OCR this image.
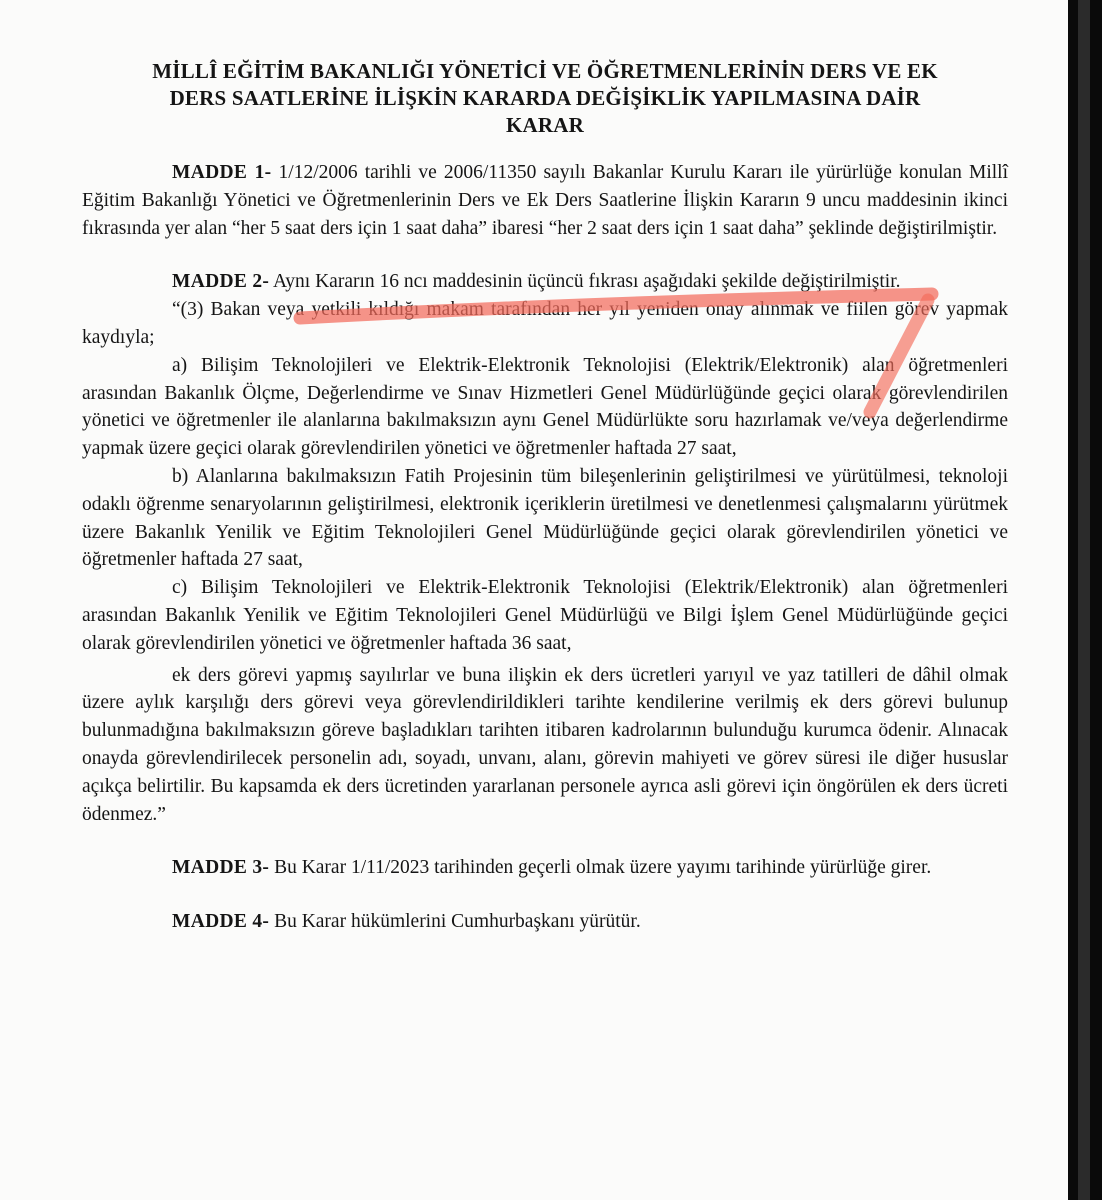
MİLLÎ EĞİTİM BAKANLIĞI YÖNETİCİ VE ÖĞRETMENLERİNİN DERS VE EK
DERS SAATLERİNE İLİŞKİN KARARDA DEĞİŞİKLİK YAPILMASINA DAİR
KARAR

MADDE 1- 1/12/2006 tarihli ve 2006/11350 sayılı Bakanlar Kurulu Kararı ile yürürlüğe konulan Millî Eğitim Bakanlığı Yönetici ve Öğretmenlerinin Ders ve Ek Ders Saatlerine İlişkin Kararın 9 uncu maddesinin ikinci fıkrasında yer alan “her 5 saat ders için 1 saat daha” ibaresi “her 2 saat ders için 1 saat daha” şeklinde değiştirilmiştir.

MADDE 2- Aynı Kararın 16 ncı maddesinin üçüncü fıkrası aşağıdaki şekilde değiştirilmiştir.

“(3) Bakan veya yetkili kıldığı makam tarafından her yıl yeniden onay alınmak ve fiilen görev yapmak kaydıyla;

a) Bilişim Teknolojileri ve Elektrik-Elektronik Teknolojisi (Elektrik/Elektronik) alan öğretmenleri arasından Bakanlık Ölçme, Değerlendirme ve Sınav Hizmetleri Genel Müdürlüğünde geçici olarak görevlendirilen yönetici ve öğretmenler ile alanlarına bakılmaksızın aynı Genel Müdürlükte soru hazırlamak ve/veya değerlendirme yapmak üzere geçici olarak görevlendirilen yönetici ve öğretmenler haftada 27 saat,

b) Alanlarına bakılmaksızın Fatih Projesinin tüm bileşenlerinin geliştirilmesi ve yürütülmesi, teknoloji odaklı öğrenme senaryolarının geliştirilmesi, elektronik içeriklerin üretilmesi ve denetlenmesi çalışmalarını yürütmek üzere Bakanlık Yenilik ve Eğitim Teknolojileri Genel Müdürlüğünde geçici olarak görevlendirilen yönetici ve öğretmenler haftada 27 saat,

c) Bilişim Teknolojileri ve Elektrik-Elektronik Teknolojisi (Elektrik/Elektronik) alan öğretmenleri arasından Bakanlık Yenilik ve Eğitim Teknolojileri Genel Müdürlüğü ve Bilgi İşlem Genel Müdürlüğünde geçici olarak görevlendirilen yönetici ve öğretmenler haftada 36 saat,

ek ders görevi yapmış sayılırlar ve buna ilişkin ek ders ücretleri yarıyıl ve yaz tatilleri de dâhil olmak üzere aylık karşılığı ders görevi veya görevlendirildikleri tarihte kendilerine verilmiş ek ders görevi bulunup bulunmadığına bakılmaksızın göreve başladıkları tarihten itibaren kadrolarının bulunduğu kurumca ödenir. Alınacak onayda görevlendirilecek personelin adı, soyadı, unvanı, alanı, görevin mahiyeti ve görev süresi ile diğer hususlar açıkça belirtilir. Bu kapsamda ek ders ücretinden yararlanan personele ayrıca asli görevi için öngörülen ek ders ücreti ödenmez.”

MADDE 3- Bu Karar 1/11/2023 tarihinden geçerli olmak üzere yayımı tarihinde yürürlüğe girer.

MADDE 4- Bu Karar hükümlerini Cumhurbaşkanı yürütür.
